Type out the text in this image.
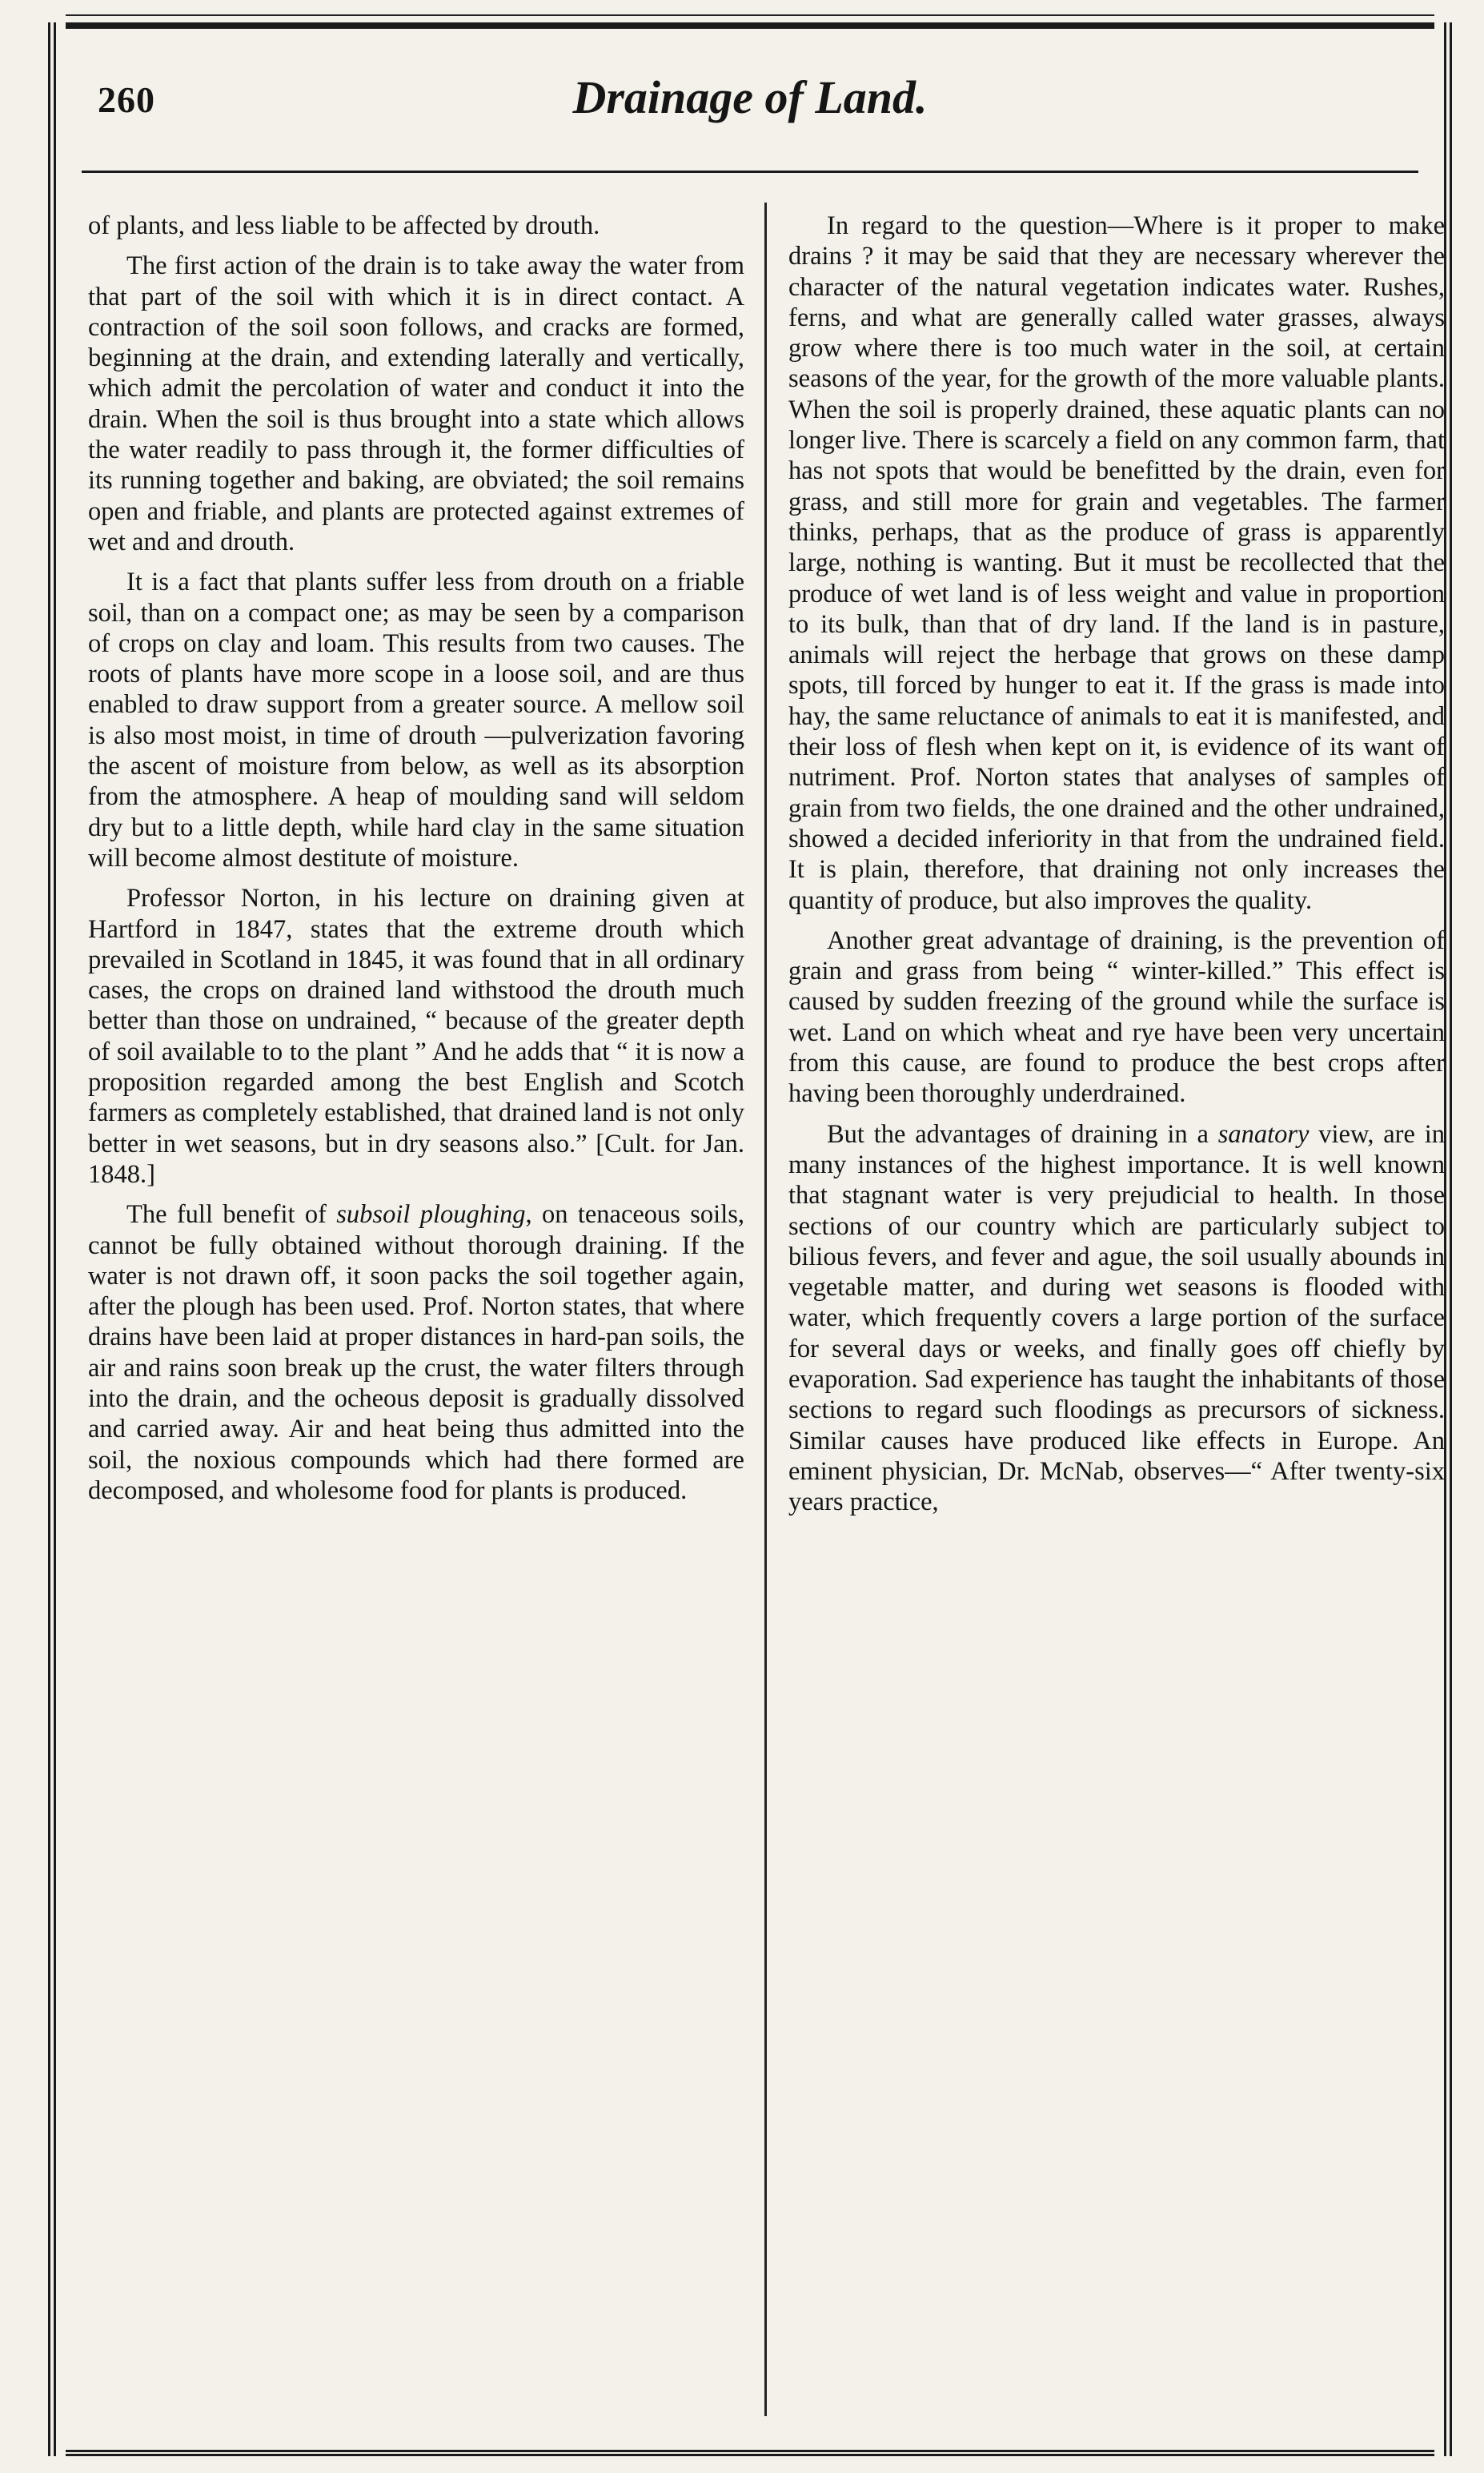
260	Drainage of Land.

of plants, and less liable to be affected by drouth.

The first action of the drain is to take away the water from that part of the soil with which it is in direct contact. A contraction of the soil soon follows, and cracks are formed, beginning at the drain, and extending laterally and vertically, which admit the percolation of water and conduct it into the drain. When the soil is thus brought into a state which allows the water readily to pass through it, the former difficulties of its running together and baking, are obviated; the soil remains open and friable, and plants are protected against extremes of wet and and drouth.

It is a fact that plants suffer less from drouth on a friable soil, than on a compact one; as may be seen by a comparison of crops on clay and loam. This results from two causes. The roots of plants have more scope in a loose soil, and are thus enabled to draw support from a greater source. A mellow soil is also most moist, in time of drouth —pulverization favoring the ascent of moisture from below, as well as its absorption from the atmosphere. A heap of moulding sand will seldom dry but to a little depth, while hard clay in the same situation will become almost destitute of moisture.

Professor Norton, in his lecture on draining given at Hartford in 1847, states that the extreme drouth which prevailed in Scotland in 1845, it was found that in all ordinary cases, the crops on drained land withstood the drouth much better than those on undrained, “ because of the greater depth of soil available to to the plant ” And he adds that “ it is now a proposition regarded among the best English and Scotch farmers as completely established, that drained land is not only better in wet seasons, but in dry seasons also.” [Cult. for Jan. 1848.]

The full benefit of subsoil ploughing, on tenaceous soils, cannot be fully obtained without thorough draining. If the water is not drawn off, it soon packs the soil together again, after the plough has been used. Prof. Norton states, that where drains have been laid at proper distances in hard-pan soils, the air and rains soon break up the crust, the water filters through into the drain, and the ocheous deposit is gradually dissolved and carried away. Air and heat being thus admitted into the soil, the noxious compounds which had there formed are decomposed, and wholesome food for plants is produced.

In regard to the question—Where is it proper to make drains ? it may be said that they are necessary wherever the character of the natural vegetation indicates water. Rushes, ferns, and what are generally called water grasses, always grow where there is too much water in the soil, at certain seasons of the year, for the growth of the more valuable plants. When the soil is properly drained, these aquatic plants can no longer live. There is scarcely a field on any common farm, that has not spots that would be benefitted by the drain, even for grass, and still more for grain and vegetables. The farmer thinks, perhaps, that as the produce of grass is apparently large, nothing is wanting. But it must be recollected that the produce of wet land is of less weight and value in proportion to its bulk, than that of dry land. If the land is in pasture, animals will reject the herbage that grows on these damp spots, till forced by hunger to eat it. If the grass is made into hay, the same reluctance of animals to eat it is manifested, and their loss of flesh when kept on it, is evidence of its want of nutriment. Prof. Norton states that analyses of samples of grain from two fields, the one drained and the other undrained, showed a decided inferiority in that from the undrained field. It is plain, therefore, that draining not only increases the quantity of produce, but also improves the quality.

Another great advantage of draining, is the prevention of grain and grass from being “ winter-killed.” This effect is caused by sudden freezing of the ground while the surface is wet. Land on which wheat and rye have been very uncertain from this cause, are found to produce the best crops after having been thoroughly underdrained.

But the advantages of draining in a sanatory view, are in many instances of the highest importance. It is well known that stagnant water is very prejudicial to health. In those sections of our country which are particularly subject to bilious fevers, and fever and ague, the soil usually abounds in vegetable matter, and during wet seasons is flooded with water, which frequently covers a large portion of the surface for several days or weeks, and finally goes off chiefly by evaporation. Sad experience has taught the inhabitants of those sections to regard such floodings as precursors of sickness. Similar causes have produced like effects in Europe. An eminent physician, Dr. McNab, observes—“ After twenty-six years practice,
